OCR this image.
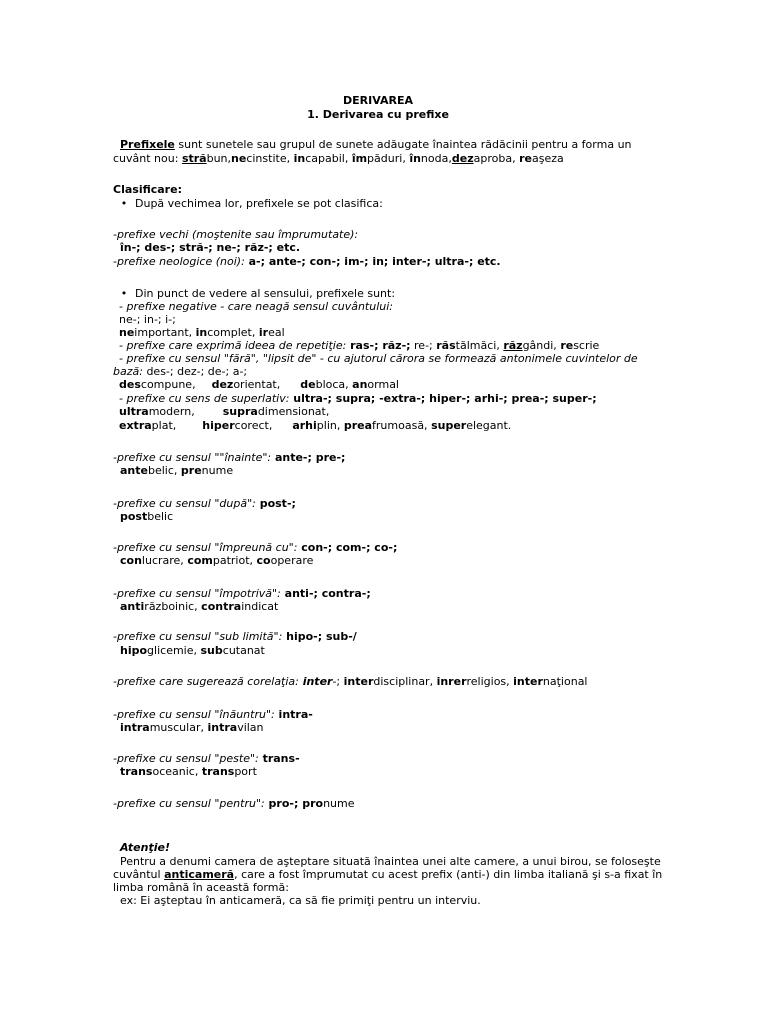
DERIVAREA
1. Derivarea cu prefixe
Prefixele sunt sunetele sau grupul de sunete adăugate înaintea rădăcinii pentru a forma un
cuvânt nou: străbun,necinstite, incapabil, împăduri, înnoda,dezaproba, reaşeza
Clasificare:
• După vechimea lor, prefixele se pot clasifica:
-prefixe vechi (moştenite sau împrumutate):
în-; des-; stră-; ne-; răz-; etc.
-prefixe neologice (noi): a-; ante-; con-; im-; in; inter-; ultra-; etc.
• Din punct de vedere al sensului, prefixele sunt:
- prefixe negative - care neagă sensul cuvântului:
ne-; in-; i-;
neimportant, incomplet, ireal
- prefixe care exprimă ideea de repetiţie: ras-; răz-; re-; răstălmăci, răzgândi, rescrie
- prefixe cu sensul "fără", "lipsit de" - cu ajutorul cărora se formează antonimele cuvintelor de
bază: des-; dez-; de-; a-;
descompune, dezorientat, debloca, anormal
- prefixe cu sens de superlativ: ultra-; supra; -extra-; hiper-; arhi-; prea-; super-;
ultramodern,	supradimensionat,
extraplat, hipercorect, arhiplin, preafrumoasă, superelegant.
-prefixe cu sensul ""înainte": ante-; pre-;
antebelic, prenume
-prefixe cu sensul "după": post-;
postbelic
-prefixe cu sensul "împreună cu": con-; com-; co-;
conlucrare, compatriot, cooperare
-prefixe cu sensul "împotrivă": anti-; contra-;
antirăzboinic, contraindicat
-prefixe cu sensul "sub limită": hipo-; sub-/
hipoglicemie, subcutanat
-prefixe care sugerează corelaţia: inter-; interdisciplinar, inrerreligios, internaţional
-prefixe cu sensul "înăuntru": intra-
intramuscular, intravilan
-prefixe cu sensul "peste": trans-
transoceanic, transport
-prefixe cu sensul "pentru": pro-; pronume
Atenţie!
Pentru a denumi camera de aşteptare situată înaintea unei alte camere, a unui birou, se foloseşte
cuvântul anticameră, care a fost împrumutat cu acest prefix (anti-) din limba italiană şi s-a fixat în
limba română în această formă:
ex: Ei aşteptau în anticameră, ca să fie primiţi pentru un interviu.
